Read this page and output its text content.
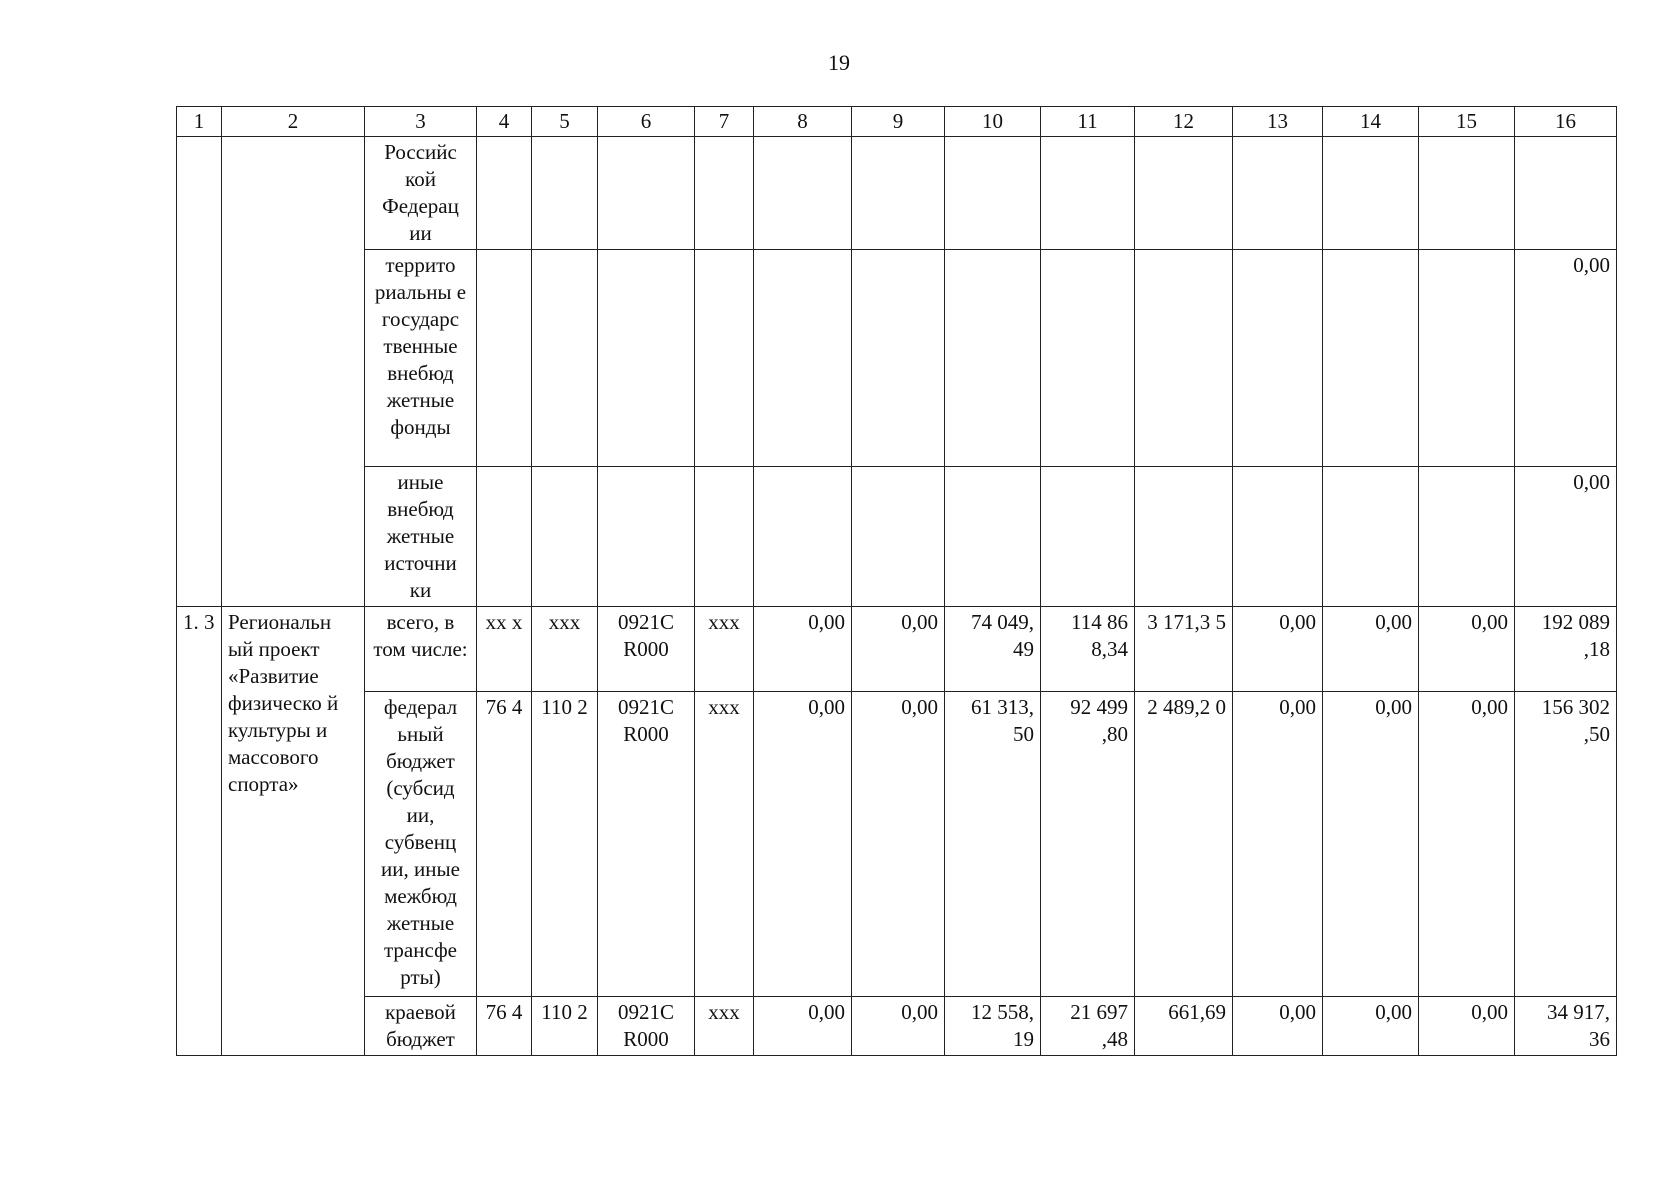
19
1	2	3	4	5	6	7	8	9	10	11	12	13	14	15	16
		Российс кой Федерац ии													
		террито риальны е государс твенные внебюд жетные фонды													0,00
		иные внебюд жетные источни ки													0,00
1. 3	Региональн ый проект «Развитие физическо й культуры и массового спорта»	всего, в том числе:	хх х	ххх	0921С R000	ххх	0,00	0,00	74 049, 49	114 86 8,34	3 171,3 5	0,00	0,00	0,00	192 089 ,18
		федерал ьный бюджет (субсид ии, субвенц ии, иные межбюд жетные трансфе рты)	76 4	110 2	0921С R000	ххх	0,00	0,00	61 313, 50	92 499 ,80	2 489,2 0	0,00	0,00	0,00	156 302 ,50
		краевой бюджет	76 4	110 2	0921С R000	ххх	0,00	0,00	12 558, 19	21 697 ,48	661,69	0,00	0,00	0,00	34 917, 36
